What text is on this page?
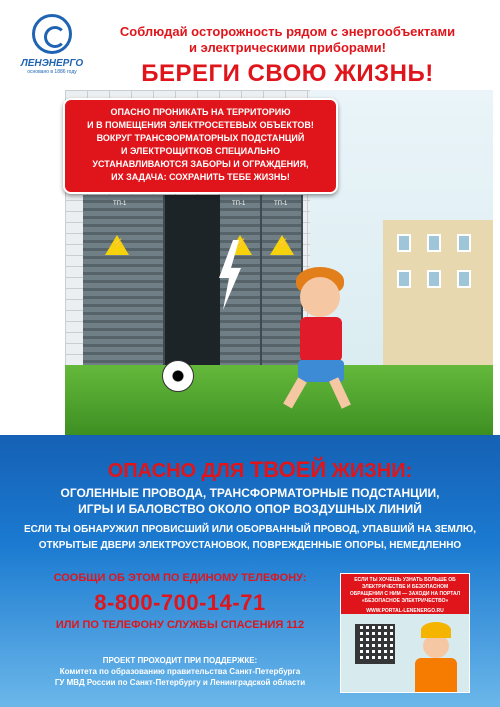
ЛЕНЭНЕРГО
основано в 1886 году
Соблюдай осторожность рядом с энергообъектами
и электрическими приборами!
БЕРЕГИ СВОЮ ЖИЗНЬ!
ТП-1
⚡	ТП-1
⚡	ТП-1
⚡
ОПАСНО ПРОНИКАТЬ НА ТЕРРИТОРИЮ
И В ПОМЕЩЕНИЯ ЭЛЕКТРОСЕТЕВЫХ ОБЪЕКТОВ!
ВОКРУГ ТРАНСФОРМАТОРНЫХ ПОДСТАНЦИЙ
И ЭЛЕКТРОЩИТКОВ СПЕЦИАЛЬНО
УСТАНАВЛИВАЮТСЯ ЗАБОРЫ И ОГРАЖДЕНИЯ,
ИХ ЗАДАЧА: СОХРАНИТЬ ТЕБЕ ЖИЗНЬ!
ОПАСНО ДЛЯ ТВОЕЙ ЖИЗНИ:
ОГОЛЕННЫЕ ПРОВОДА, ТРАНСФОРМАТОРНЫЕ ПОДСТАНЦИИ,
ИГРЫ И БАЛОВСТВО ОКОЛО ОПОР ВОЗДУШНЫХ ЛИНИЙ
ЕСЛИ ТЫ ОБНАРУЖИЛ ПРОВИСШИЙ ИЛИ ОБОРВАННЫЙ ПРОВОД, УПАВШИЙ НА ЗЕМЛЮ,
ОТКРЫТЫЕ ДВЕРИ ЭЛЕКТРОУСТАНОВОК, ПОВРЕЖДЕННЫЕ ОПОРЫ, НЕМЕДЛЕННО
СООБЩИ ОБ ЭТОМ ПО ЕДИНОМУ ТЕЛЕФОНУ:
8-800-700-14-71
ИЛИ ПО ТЕЛЕФОНУ СЛУЖБЫ СПАСЕНИЯ 112
ПРОЕКТ ПРОХОДИТ ПРИ ПОДДЕРЖКЕ:
Комитета по образованию правительства Санкт-Петербурга
ГУ МВД России по Санкт-Петербургу и Ленинградской области
ЕСЛИ ТЫ ХОЧЕШЬ УЗНАТЬ БОЛЬШЕ ОБ ЭЛЕКТРИЧЕСТВЕ И БЕЗОПАСНОМ ОБРАЩЕНИИ С НИМ — ЗАХОДИ НА ПОРТАЛ «БЕЗОПАСНОЕ ЭЛЕКТРИЧЕСТВО»
WWW.PORTAL-LENENERGO.RU
